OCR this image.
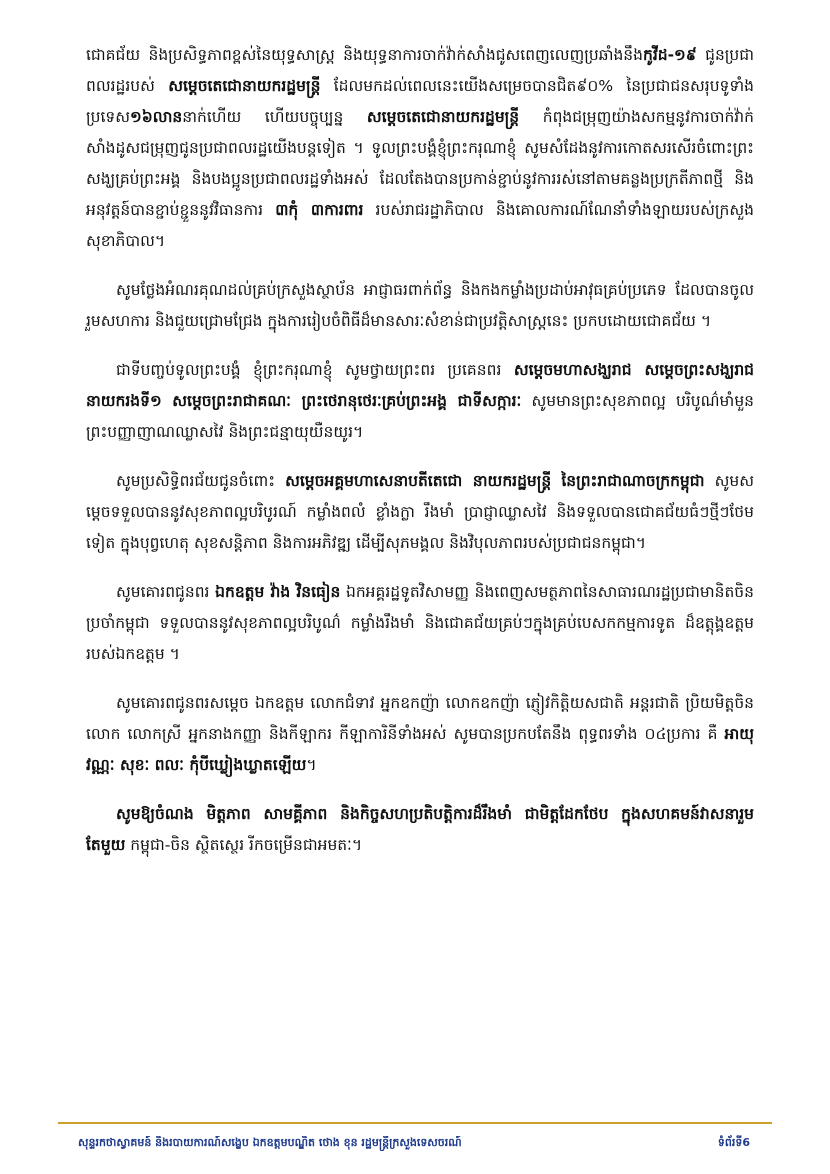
ជោគជ័យ និងប្រសិទ្ធភាពខ្ពស់នៃយុទ្ធសាស្រ្ត និងយុទ្ធនាការចាក់វ៉ាក់សាំងជូសពេញលេញប្រឆាំងនឹងកូវីដ-១៩ ជូនប្រជាពលរដ្ឋរបស់ សម្តេចតេជោនាយករដ្ឋមន្រ្តី ដែលមកដល់ពេលនេះយើងសម្រេចបានជិត៩០% នៃប្រជាជនសរុបទូទាំងប្រទេស១៦លាននាក់ហើយ ហើយបច្ចុប្បន្ន សម្តេចតេជោនាយករដ្ឋមន្រ្តី កំពុងជម្រុញយ៉ាងសកម្មនូវការចាក់វ៉ាក់សាំងដូសជម្រុញជូនប្រជាពលរដ្ឋយើងបន្តទៀត ។ ទូលព្រះបង្គំខ្ញុំព្រះករុណាខ្ញុំ សូមសំដែងនូវការកោតសរសើរចំពោះព្រះសង្ឃគ្រប់ព្រះអង្គ និងបងប្អូនប្រជាពលរដ្ឋទាំងអស់ ដែលតែងបានប្រកាន់ខ្ជាប់នូវការរស់នៅតាមគន្លងប្រក្រតីភាពថ្មី និងអនុវត្តន៍បានខ្ជាប់ខ្ជួននូវវិធានការ ៣កុំ ៣ការពារ របស់រាជរដ្ឋាភិបាល និងគោលការណ៍ណែនាំទាំងឡាយរបស់ក្រសួងសុខាភិបាល។

សូមថ្លែងអំណរគុណដល់គ្រប់ក្រសួងស្ថាប័ន អាជ្ញាធរពាក់ព័ន្ធ និងកងកម្លាំងប្រដាប់អាវុធគ្រប់ប្រភេទ ដែលបានចូលរួមសហការ និងជួយជ្រោមជ្រែង ក្នុងការរៀបចំពិធីដ៏មានសារៈសំខាន់ជាប្រវត្តិសាស្រ្តនេះ ប្រកបដោយជោគជ័យ ។

ជាទីបញ្ចប់ទូលព្រះបង្គំ ខ្ញុំព្រះករុណាខ្ញុំ សូមថ្វាយព្រះពរ ប្រគេនពរ សម្តេចមហាសង្ឃរាជ សម្តេចព្រះសង្ឃរាជនាយករងទី១ សម្តេចព្រះរាជាគណៈ ព្រះថេរានុថេរៈគ្រប់ព្រះអង្គ ជាទីសក្ការៈ សូមមានព្រះសុខភាពល្អ បរិបូណ៌មាំមួន ព្រះបញ្ញាញាណឈ្លាសវៃ និងព្រះជន្មាយុយឺនយូរ។

សូមប្រសិទ្ធិពរជ័យជូនចំពោះ សម្តេចអគ្គមហាសេនាបតីតេជោ នាយករដ្ឋមន្រ្តី នៃព្រះរាជាណាចក្រកម្ពុជា សូមសម្តេចទទួលបាននូវសុខភាពល្អបរិបូរណ៍ កម្លាំងពលំ ខ្លាំងក្លា រឹងមាំ ប្រាជ្ញាឈ្លាសវៃ និងទទួលបានជោគជ័យធំៗថ្មីៗថែមទៀត ក្នុងបុព្វហេតុ សុខសន្តិភាព និងការអភិវឌ្ឍ ដើម្បីសុភមង្គល និងវិបុលភាពរបស់ប្រជាជនកម្ពុជា។

សូមគោរពជូនពរ ឯកឧត្តម វ៉ាង វិនធៀន ឯកអគ្គរដ្ឋទូតវិសាមញ្ញ និងពេញសមត្ថភាពនៃសាធារណរដ្ឋប្រជាមានិតចិន ប្រចាំកម្ពុជា ទទួលបាននូវសុខភាពល្អបរិបូណ៌ កម្លាំងរឹងមាំ និងជោគជ័យគ្រប់ៗក្នុងគ្រប់បេសកកម្មការទូត ដ៏ឧត្តុង្គឧត្តមរបស់ឯកឧត្តម ។

សូមគោរពជូនពរសម្តេច ឯកឧត្តម លោកជំទាវ អ្នកឧកញ៉ា លោកឧកញ៉ា ភ្ញៀវកិត្តិយសជាតិ អន្តរជាតិ ប្រិយមិត្តចិន លោក លោកស្រី អ្នកនាងកញ្ញា និងកីឡាករ កីឡាការិនីទាំងអស់ សូមបានប្រកបតែនឹង ពុទ្ធពរទាំង ០៤ប្រការ គឺ អាយុ វណ្ណៈ សុខៈ ពលៈ កុំបីឃ្លៀងឃ្លាតឡើយ។

សូមឱ្យចំណង មិត្តភាព សាមគ្គីភាព និងកិច្ចសហប្រតិបត្តិការដ៏រឹងមាំ ជាមិត្តដែកថែប ក្នុងសហគមន៍វាសនារួមតែមួយ កម្ពុជា-ចិន ស្ថិតស្ថេរ រីកចម្រើនជាអមតៈ។

សុន្ទរកថាស្វាគមន៍ និងរបាយការណ៍សង្ខេប ឯកឧត្តមបណ្ឌិត ថោង ខុន រដ្ឋមន្រ្តីក្រសួងទេសចរណ៍	ទំព័រទី6
